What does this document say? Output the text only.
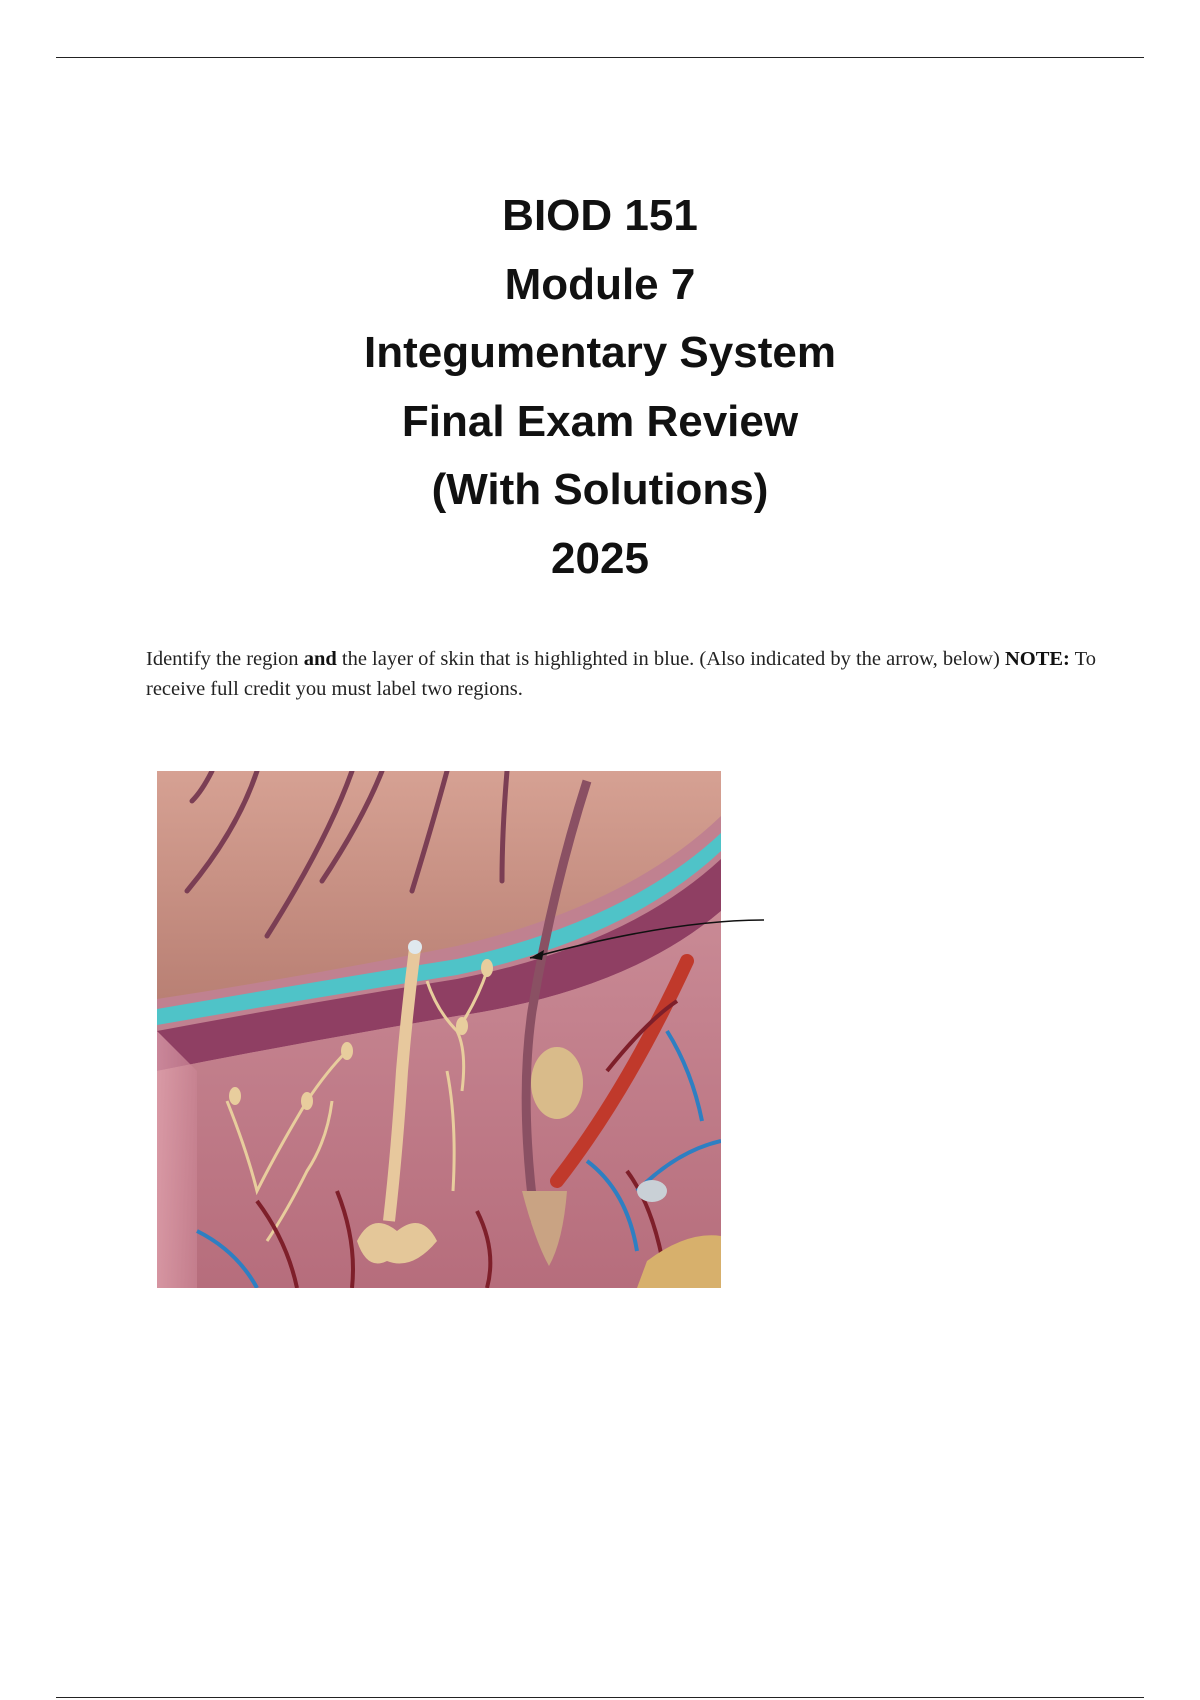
BIOD 151
Module 7
Integumentary System
Final Exam Review
(With Solutions)
2025
Identify the region and the layer of skin that is highlighted in blue. (Also indicated by the arrow, below) NOTE: To receive full credit you must label two regions.
